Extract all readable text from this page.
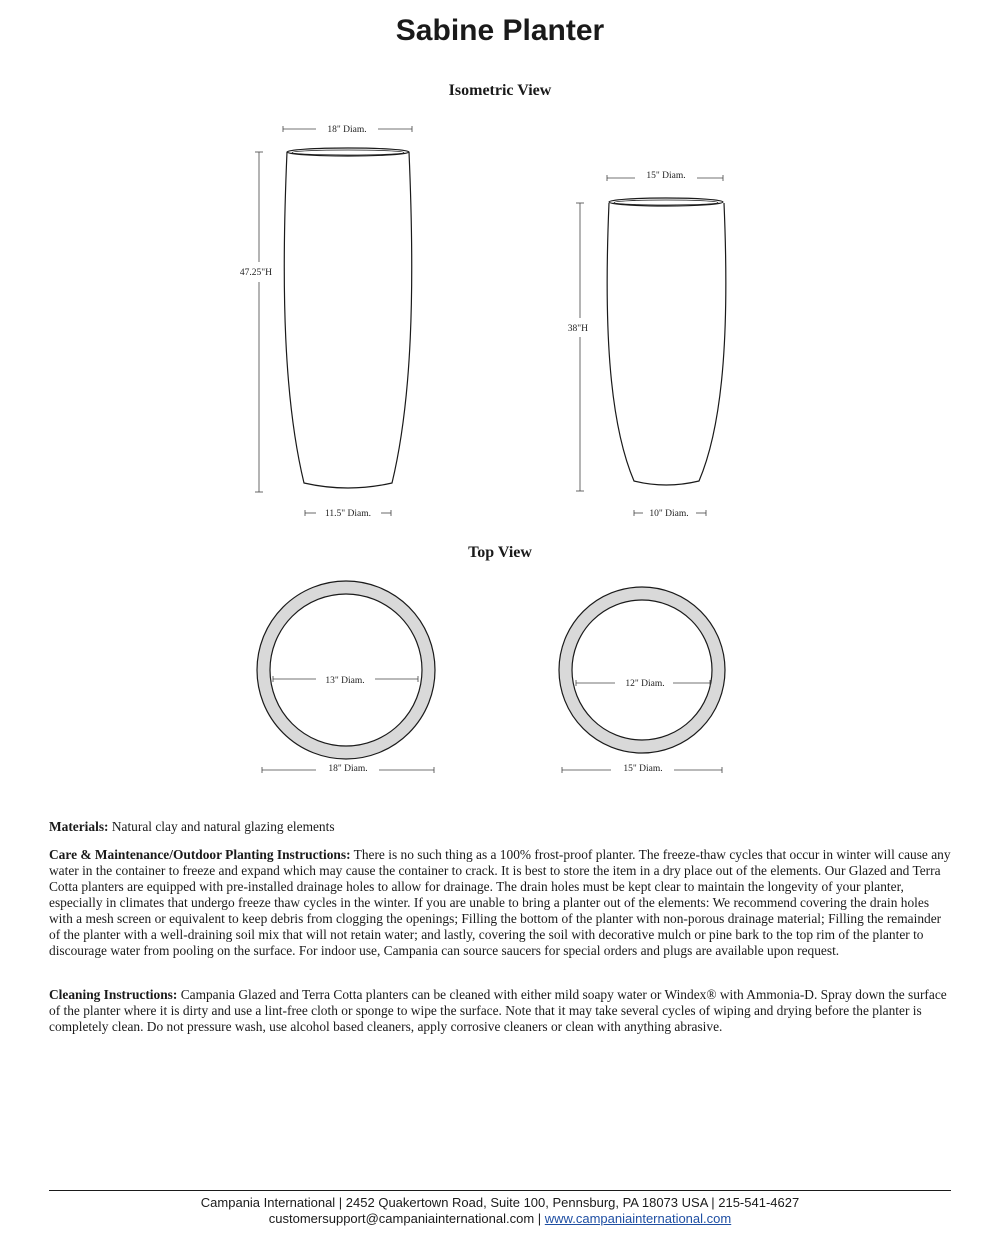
Sabine Planter
Isometric View
18" Diam.
47.25"H
11.5" Diam.
15" Diam.
38"H
10" Diam.
13" Diam.
18" Diam.
12" Diam.
15" Diam.
Top View
Materials: Natural clay and natural glazing elements
Care & Maintenance/Outdoor Planting Instructions: There is no such thing as a 100% frost-proof planter. The freeze-thaw cycles that occur in winter will cause any water in the container to freeze and expand which may cause the container to crack. It is best to store the item in a dry place out of the elements. Our Glazed and Terra Cotta planters are equipped with pre-installed drainage holes to allow for drainage. The drain holes must be kept clear to maintain the longevity of your planter, especially in climates that undergo freeze thaw cycles in the winter. If you are unable to bring a planter out of the elements: We recommend covering the drain holes with a mesh screen or equivalent to keep debris from clogging the openings; Filling the bottom of the planter with non-porous drainage material; Filling the remainder of the planter with a well-draining soil mix that will not retain water; and lastly, covering the soil with decorative mulch or pine bark to the top rim of the planter to discourage water from pooling on the surface. For indoor use, Campania can source saucers for special orders and plugs are available upon request.
Cleaning Instructions: Campania Glazed and Terra Cotta planters can be cleaned with either mild soapy water or Windex® with Ammonia-D. Spray down the surface of the planter where it is dirty and use a lint-free cloth or sponge to wipe the surface. Note that it may take several cycles of wiping and drying before the planter is completely clean. Do not pressure wash, use alcohol based cleaners, apply corrosive cleaners or clean with anything abrasive.
Campania International | 2452 Quakertown Road, Suite 100, Pennsburg, PA 18073 USA | 215-541-4627
customersupport@campaniainternational.com | www.campaniainternational.com
